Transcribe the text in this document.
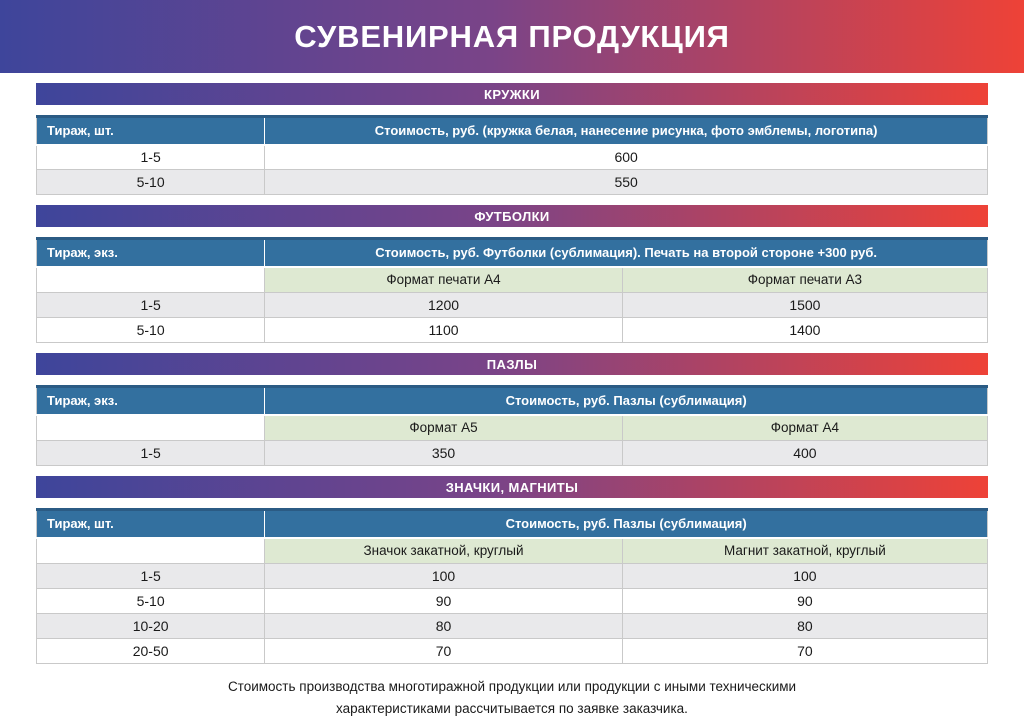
СУВЕНИРНАЯ ПРОДУКЦИЯ
КРУЖКИ
Тираж, шт.	Стоимость, руб. (кружка белая, нанесение рисунка, фото эмблемы, логотипа)
1-5	600
5-10	550
ФУТБОЛКИ
Тираж, экз.	Стоимость, руб. Футболки (сублимация). Печать на второй стороне +300 руб.	
	Формат печати А4	Формат печати А3
1-5	1200	1500
5-10	1100	1400
ПАЗЛЫ
Тираж, экз.	Стоимость, руб. Пазлы (сублимация)	
	Формат А5	Формат А4
1-5	350	400
ЗНАЧКИ, МАГНИТЫ
Тираж, шт.	Стоимость, руб. Пазлы (сублимация)	
	Значок закатной, круглый	Магнит закатной, круглый
1-5	100	100
5-10	90	90
10-20	80	80
20-50	70	70
Стоимость производства многотиражной продукции или продукции с иными техническими
характеристиками рассчитывается по заявке заказчика.
